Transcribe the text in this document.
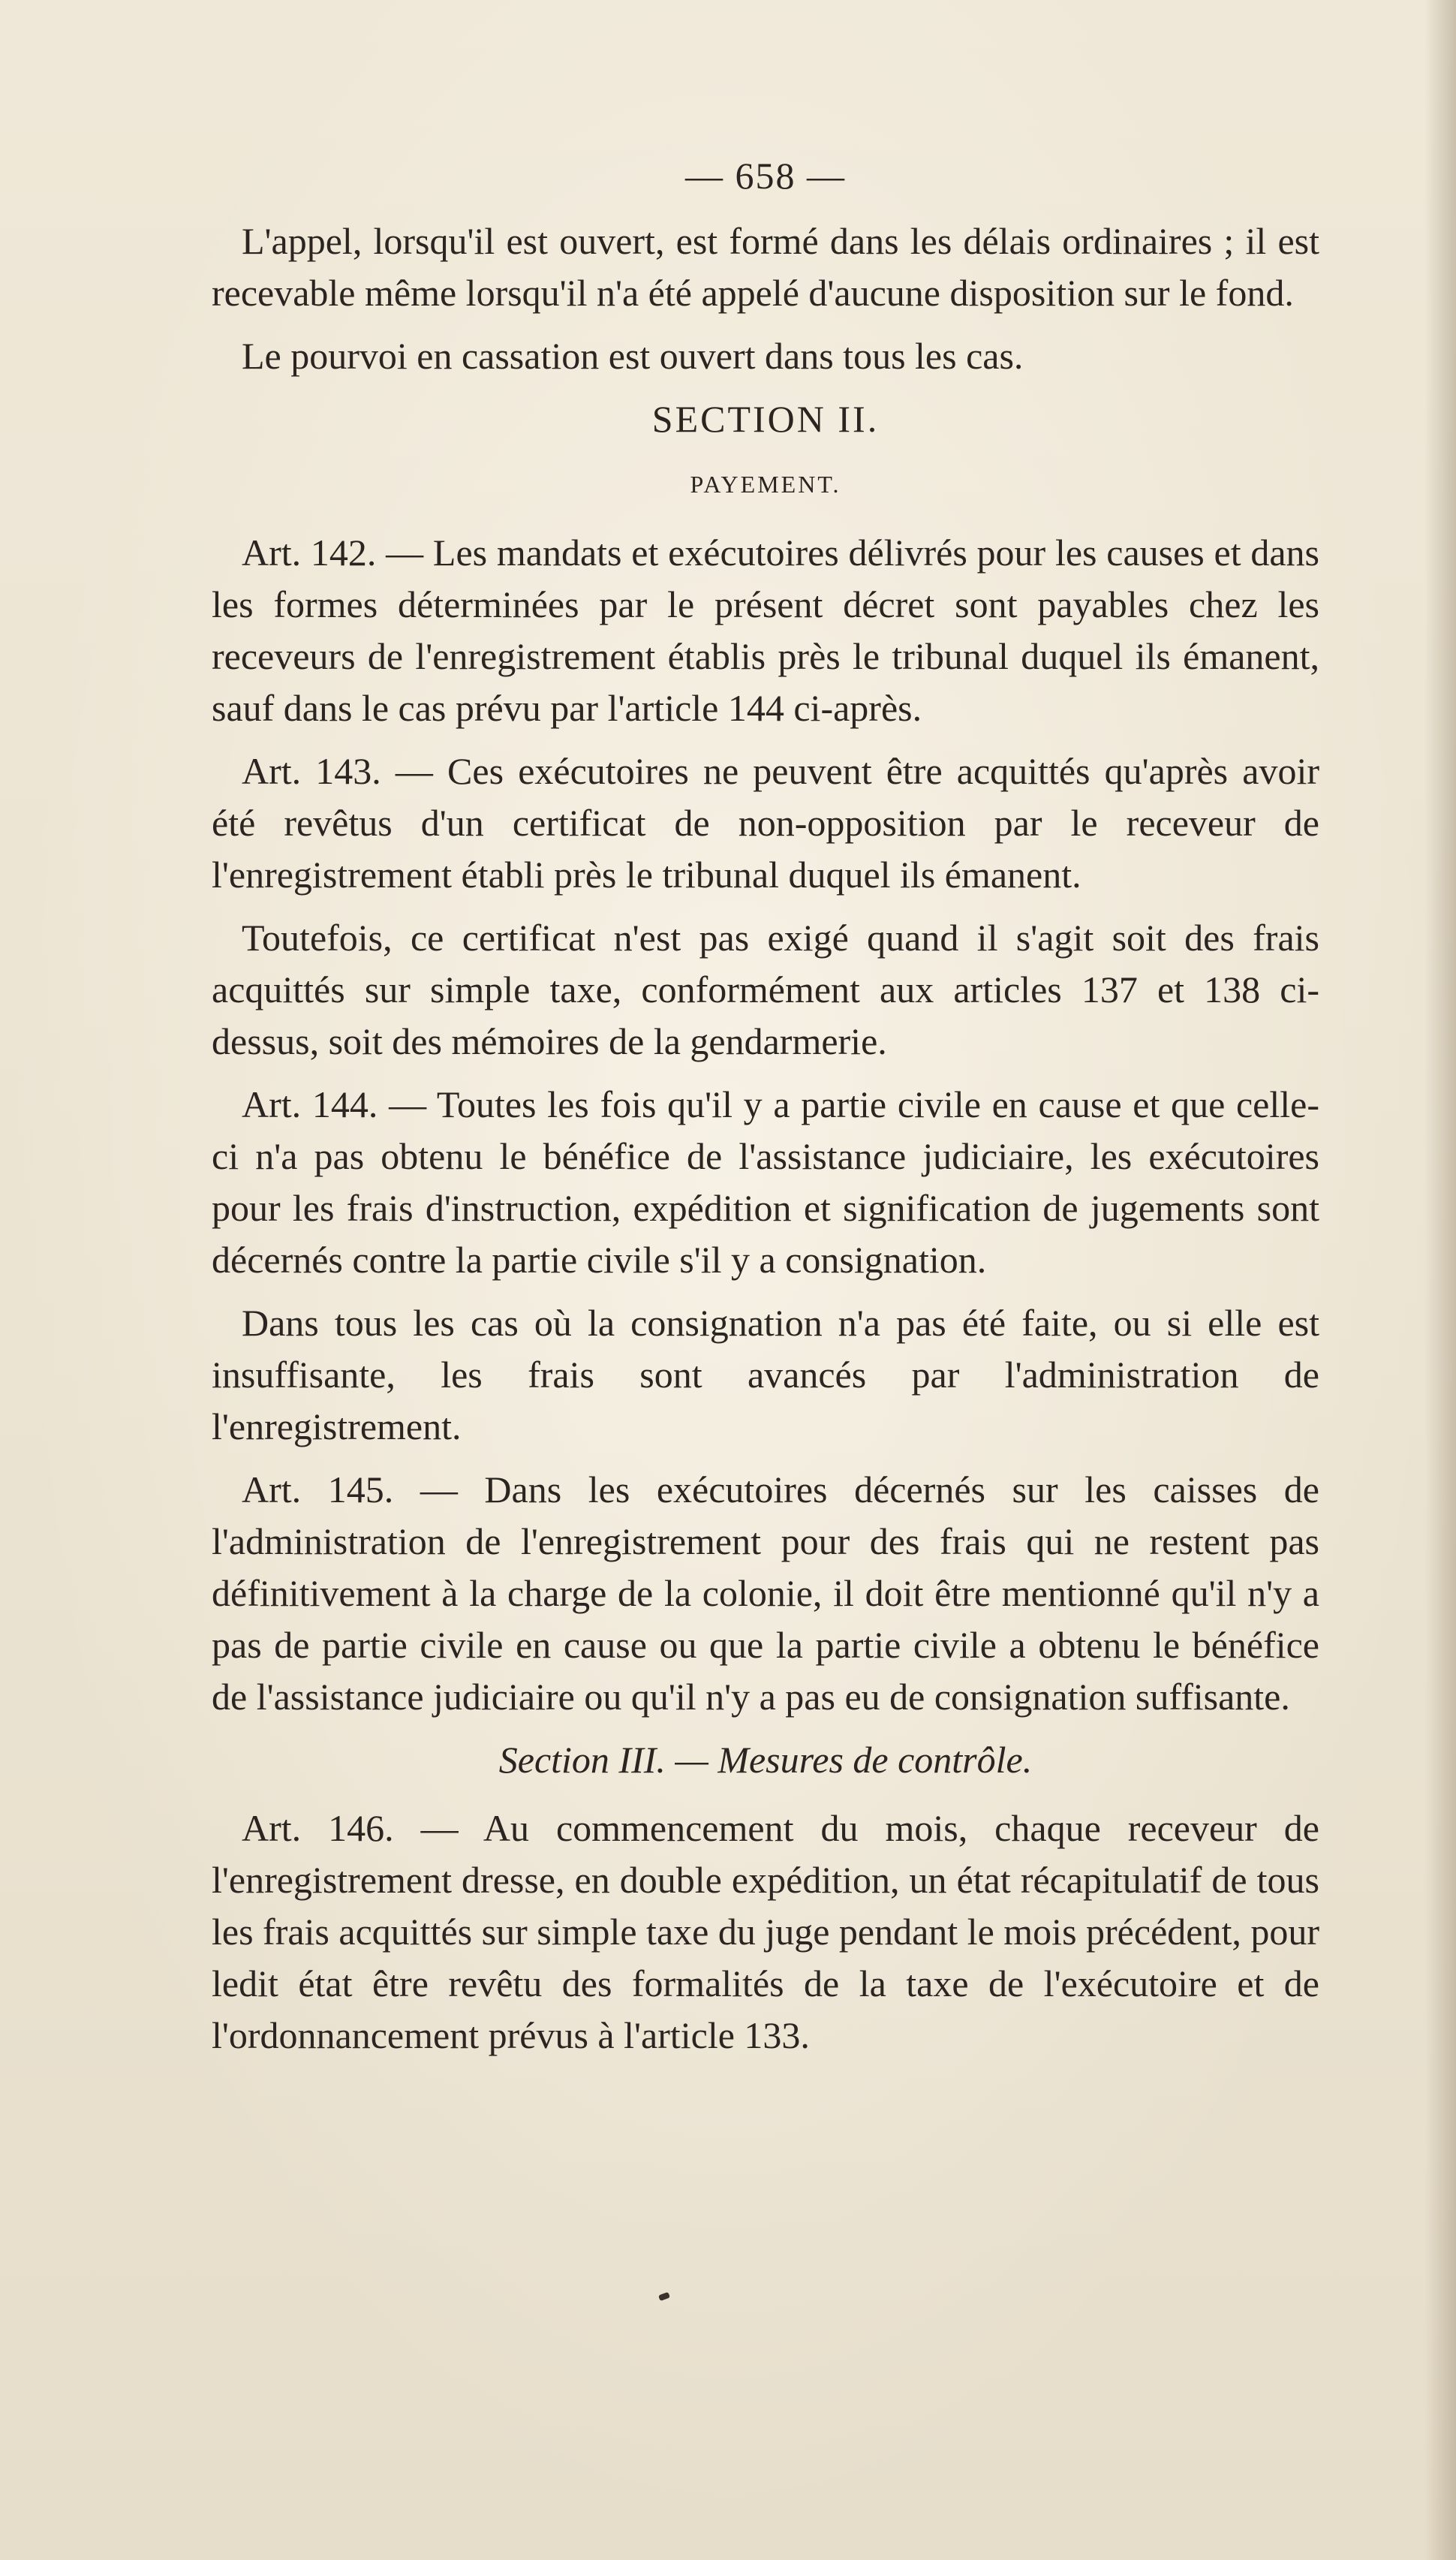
— 658 —

L'appel, lorsqu'il est ouvert, est formé dans les délais ordinaires ; il est recevable même lorsqu'il n'a été appelé d'aucune disposition sur le fond.

Le pourvoi en cassation est ouvert dans tous les cas.

SECTION II.

PAYEMENT.

Art. 142. — Les mandats et exécutoires délivrés pour les causes et dans les formes déterminées par le présent décret sont payables chez les receveurs de l'enregistrement établis près le tribunal duquel ils émanent, sauf dans le cas prévu par l'article 144 ci-après.

Art. 143. — Ces exécutoires ne peuvent être acquittés qu'après avoir été revêtus d'un certificat de non-opposition par le receveur de l'enregistrement établi près le tribunal duquel ils émanent.

Toutefois, ce certificat n'est pas exigé quand il s'agit soit des frais acquittés sur simple taxe, conformément aux articles 137 et 138 ci-dessus, soit des mémoires de la gendarmerie.

Art. 144. — Toutes les fois qu'il y a partie civile en cause et que celle-ci n'a pas obtenu le bénéfice de l'assistance judiciaire, les exécutoires pour les frais d'instruction, expédition et signification de jugements sont décernés contre la partie civile s'il y a consignation.

Dans tous les cas où la consignation n'a pas été faite, ou si elle est insuffisante, les frais sont avancés par l'administration de l'enregistrement.

Art. 145. — Dans les exécutoires décernés sur les caisses de l'administration de l'enregistrement pour des frais qui ne restent pas définitivement à la charge de la colonie, il doit être mentionné qu'il n'y a pas de partie civile en cause ou que la partie civile a obtenu le bénéfice de l'assistance judiciaire ou qu'il n'y a pas eu de consignation suffisante.

Section III. — Mesures de contrôle.

Art. 146. — Au commencement du mois, chaque receveur de l'enregistrement dresse, en double expédition, un état récapitulatif de tous les frais acquittés sur simple taxe du juge pendant le mois précédent, pour ledit état être revêtu des formalités de la taxe de l'exécutoire et de l'ordonnancement prévus à l'article 133.
